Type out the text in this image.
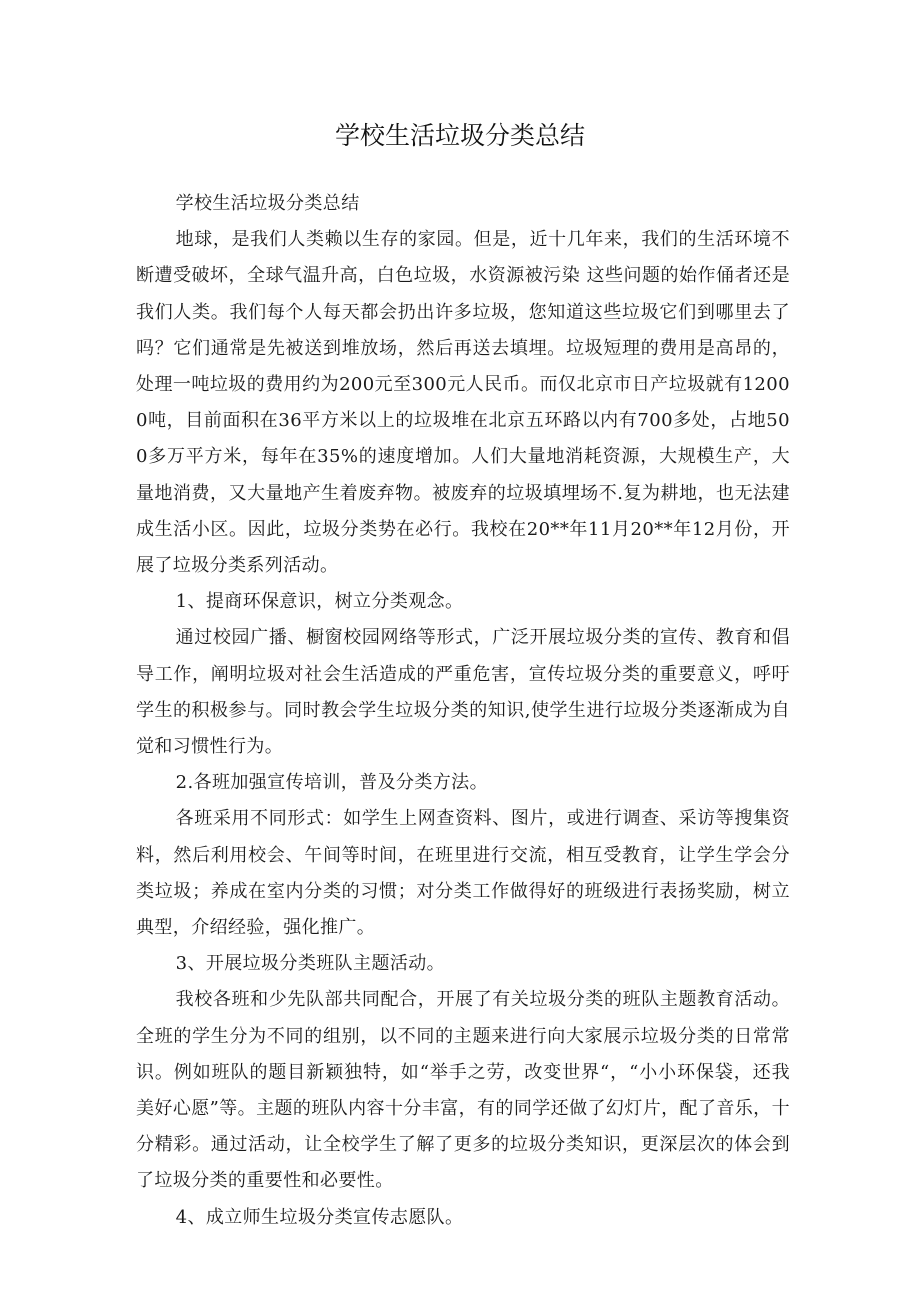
学校生活垃圾分类总结

学校生活垃圾分类总结

地球，是我们人类赖以生存的家园。但是，近十几年来，我们的生活环境不断遭受破坏，全球气温升高，白色垃圾，水资源被污染 这些问题的始作俑者还是我们人类。我们每个人每天都会扔出许多垃圾，您知道这些垃圾它们到哪里去了吗？它们通常是先被送到堆放场，然后再送去填埋。垃圾短理的费用是高昂的，处理一吨垃圾的费用约为200元至300元人民币。而仅北京市日产垃圾就有12000吨，目前面积在36平方米以上的垃圾堆在北京五环路以内有700多处，占地500多万平方米，每年在35%的速度增加。人们大量地消耗资源，大规模生产，大量地消费，又大量地产生着废弃物。被废弃的垃圾填埋场不.复为耕地，也无法建成生活小区。因此，垃圾分类势在必行。我校在20**年11月20**年12月份，开展了垃圾分类系列活动。

1、提商环保意识，树立分类观念。

通过校园广播、橱窗校园网络等形式，广泛开展垃圾分类的宣传、教育和倡导工作，阐明垃圾对社会生活造成的严重危害，宣传垃圾分类的重要意义，呼吁学生的积极参与。同时教会学生垃圾分类的知识,使学生进行垃圾分类逐渐成为自觉和习惯性行为。

2.各班加强宣传培训，普及分类方法。

各班采用不同形式：如学生上网查资料、图片，或进行调查、采访等搜集资料，然后利用校会、午间等时间，在班里进行交流，相互受教育，让学生学会分类垃圾；养成在室内分类的习惯；对分类工作做得好的班级进行表扬奖励，树立典型，介绍经验，强化推广。

3、开展垃圾分类班队主题活动。

我校各班和少先队部共同配合，开展了有关垃圾分类的班队主题教育活动。全班的学生分为不同的组别，以不同的主题来进行向大家展示垃圾分类的日常常识。例如班队的题目新颖独特，如“举手之劳，改变世界“，“小小环保袋，还我美好心愿”等。主题的班队内容十分丰富，有的同学还做了幻灯片，配了音乐，十分精彩。通过活动，让全校学生了解了更多的垃圾分类知识，更深层次的体会到了垃圾分类的重要性和必要性。

4、成立师生垃圾分类宣传志愿队。
